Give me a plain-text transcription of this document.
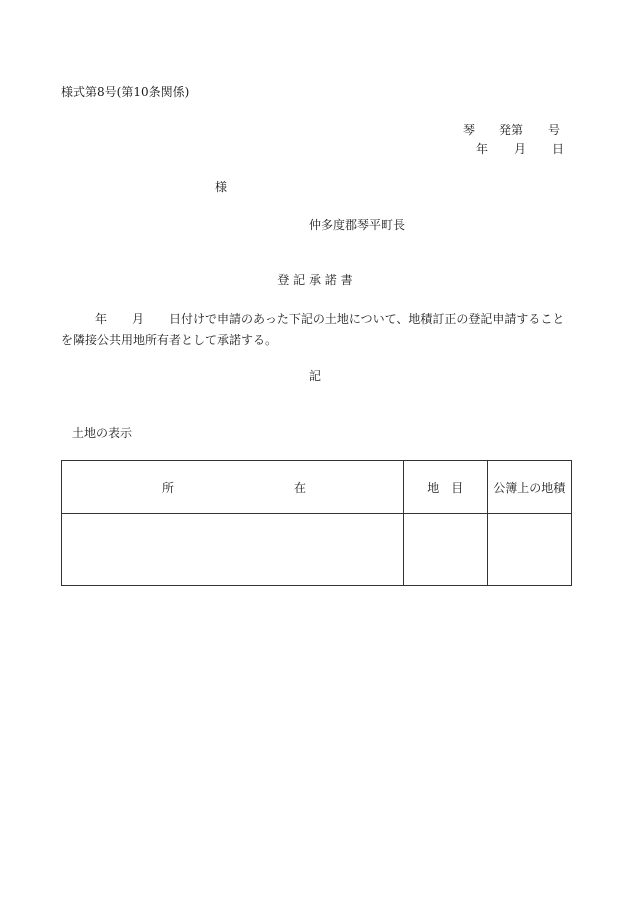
様式第8号(第10条関係)
琴 発第 号
年 月 日
様
仲多度郡琴平町長
登 記 承 諾 書
年 月 日付けで申請のあった下記の土地について、地積訂正の登記申請することを隣接公共用地所有者として承諾する。
記
土地の表示
所 在	地　目	公簿上の地積
